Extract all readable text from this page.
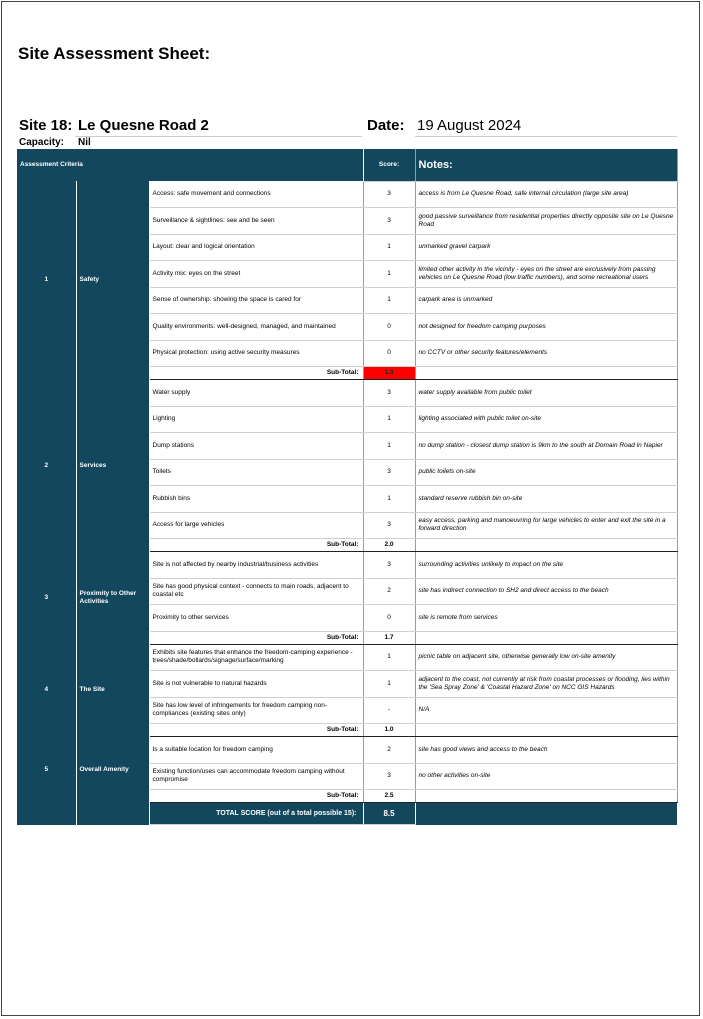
Site Assessment Sheet:
Site 18: Le Quesne Road 2	Date: 19 August 2024
Capacity: Nil
Assessment Criteria			Score:	Notes:
1	Safety	Access: safe movement and connections	3	access is from Le Quesne Road, safe internal circulation (large site area)
		Surveillance & sightlines: see and be seen	3	good passive surveillance from residential properties directly opposite site on Le Quesne Road
		Layout: clear and logical orientation	1	unmarked gravel carpark
		Activity mix: eyes on the street	1	limited other activity in the vicinity - eyes on the street are exclusively from passing vehicles on Le Quesne Road (low traffic numbers), and some recreational users
		Sense of ownership: showing the space is cared for	1	carpark area is unmarked
		Quality environments: well-designed, managed, and maintained	0	not designed for freedom camping purposes
		Physical protection: using active security measures	0	no CCTV or other security features/elements
		Sub-Total:	1.3	
2	Services	Water supply	3	water supply available from public toilet
		Lighting	1	lighting associated with public toilet on-site
		Dump stations	1	no dump station - closest dump station is 9km to the south at Domain Road in Napier
		Toilets	3	public toilets on-site
		Rubbish bins	1	standard reserve rubbish bin on-site
		Access for large vehicles	3	easy access, parking and manoeuvring for large vehicles to enter and exit the site in a forward direction
		Sub-Total:	2.0	
3	Proximity to Other Activities	Site is not affected by nearby industrial/business activities	3	surrounding activities unlikely to impact on the site
		Site has good physical context - connects to main roads, adjacent to coastal etc	2	site has indirect connection to SH2 and direct access to the beach
		Proximity to other services	0	site is remote from services
		Sub-Total:	1.7	
4	The Site	Exhibits site features that enhance the freedom-camping experience - trees/shade/bollards/signage/surface/marking	1	picnic table on adjacent site, otherwise generally low on-site amenity
		Site is not vulnerable to natural hazards	1	adjacent to the coast, not currently at risk from coastal processes or flooding, lies within the 'Sea Spray Zone' & 'Coastal Hazard Zone' on NCC GIS Hazards
		Site has low level of infringements for freedom camping non-compliances (existing sites only)	-	N/A
		Sub-Total:	1.0	
5	Overall Amenity	Is a suitable location for freedom camping	2	site has good views and access to the beach
		Existing function/uses can accommodate freedom camping without compromise	3	no other activities on-site
		Sub-Total:	2.5	
		TOTAL SCORE (out of a total possible 15):	8.5	
